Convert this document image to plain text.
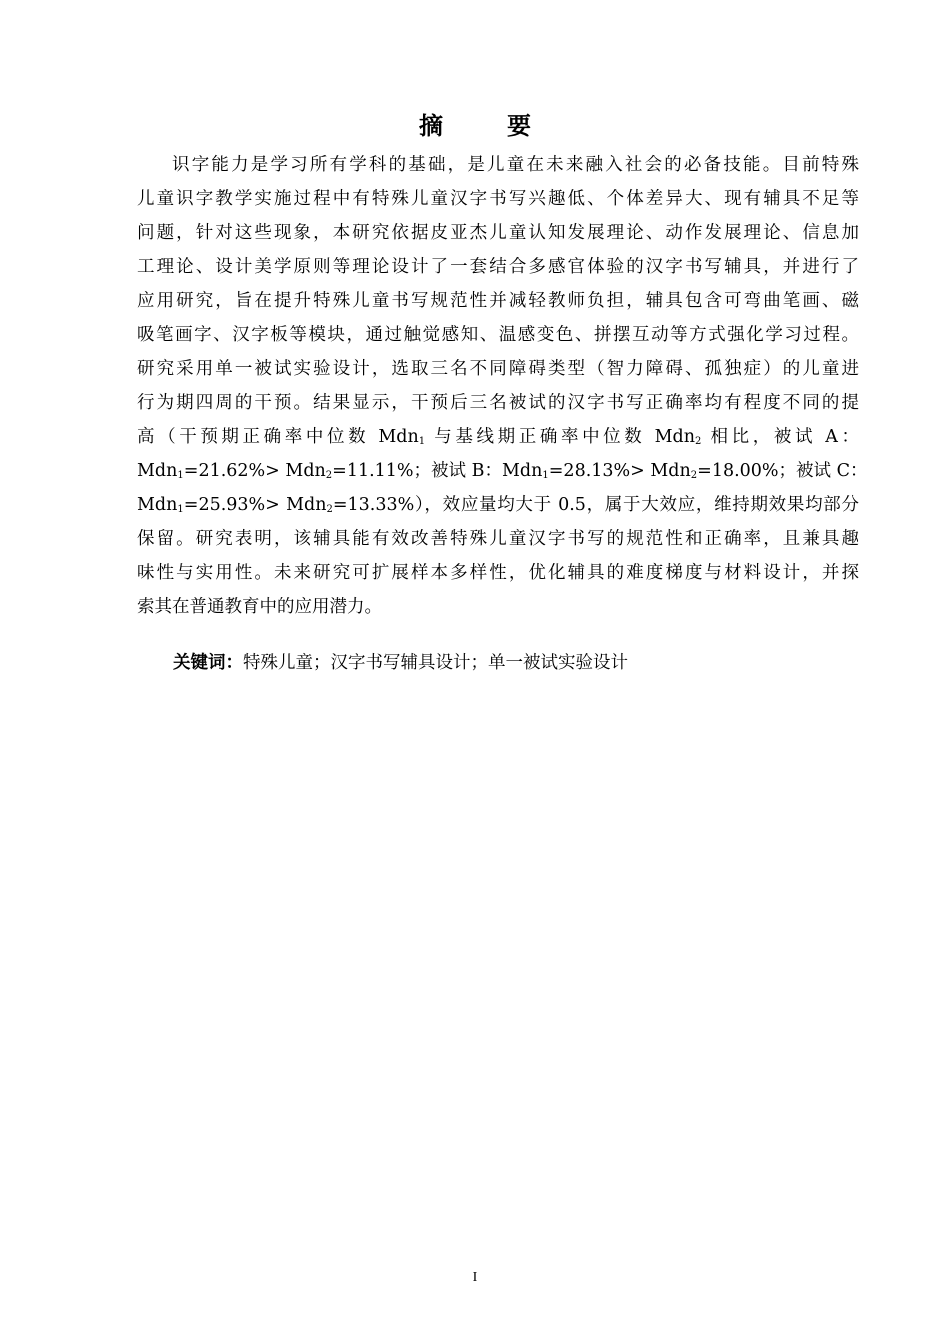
摘　要
识字能力是学习所有学科的基础，是儿童在未来融入社会的必备技能。目前特殊
儿童识字教学实施过程中有特殊儿童汉字书写兴趣低、个体差异大、现有辅具不足等
问题，针对这些现象，本研究依据皮亚杰儿童认知发展理论、动作发展理论、信息加
工理论、设计美学原则等理论设计了一套结合多感官体验的汉字书写辅具，并进行了
应用研究，旨在提升特殊儿童书写规范性并减轻教师负担，辅具包含可弯曲笔画、磁
吸笔画字、汉字板等模块，通过触觉感知、温感变色、拼摆互动等方式强化学习过程。
研究采用单一被试实验设计，选取三名不同障碍类型（智力障碍、孤独症）的儿童进
行为期四周的干预。结果显示，干预后三名被试的汉字书写正确率均有程度不同的提
高（干预期正确率中位数 Mdn$_1$ 与基线期正确率中位数 Mdn$_2$ 相比，被试 A：
Mdn$_1$=21.62%> Mdn$_2$=11.11%；被试 B：Mdn$_1$=28.13%> Mdn$_2$=18.00%；被试 C：
Mdn$_1$=25.93%> Mdn$_2$=13.33%），效应量均大于 0.5，属于大效应，维持期效果均部分
保留。研究表明，该辅具能有效改善特殊儿童汉字书写的规范性和正确率，且兼具趣
味性与实用性。未来研究可扩展样本多样性，优化辅具的难度梯度与材料设计，并探
索其在普通教育中的应用潜力。

关键词：特殊儿童；汉字书写辅具设计；单一被试实验设计

I
